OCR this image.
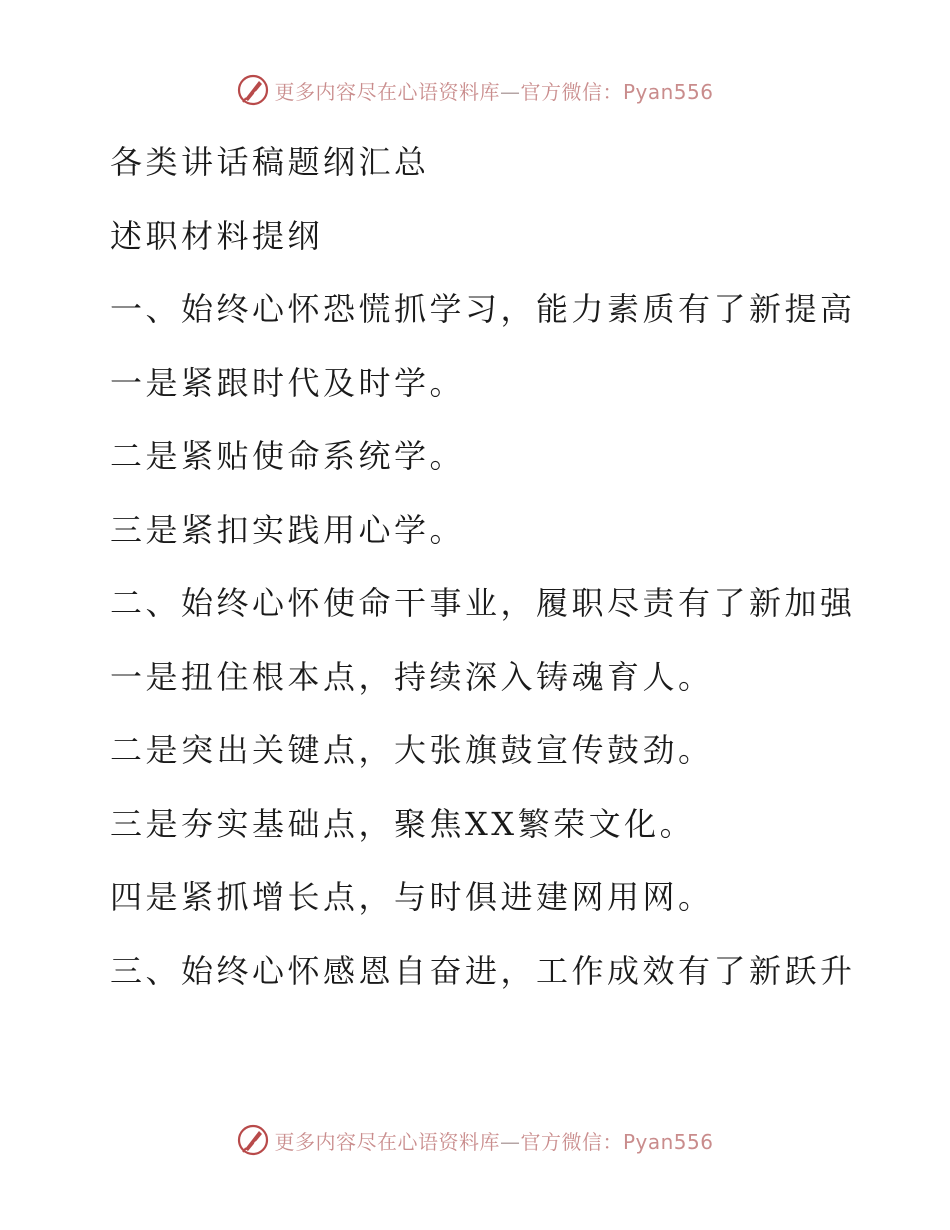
更多内容尽在心语资料库—官方微信：Pyan556
各类讲话稿题纲汇总
述职材料提纲
一、始终心怀恐慌抓学习，能力素质有了新提高
一是紧跟时代及时学。
二是紧贴使命系统学。
三是紧扣实践用心学。
二、始终心怀使命干事业，履职尽责有了新加强
一是扭住根本点，持续深入铸魂育人。
二是突出关键点，大张旗鼓宣传鼓劲。
三是夯实基础点，聚焦XX繁荣文化。
四是紧抓增长点，与时俱进建网用网。
三、始终心怀感恩自奋进，工作成效有了新跃升
更多内容尽在心语资料库—官方微信：Pyan556
